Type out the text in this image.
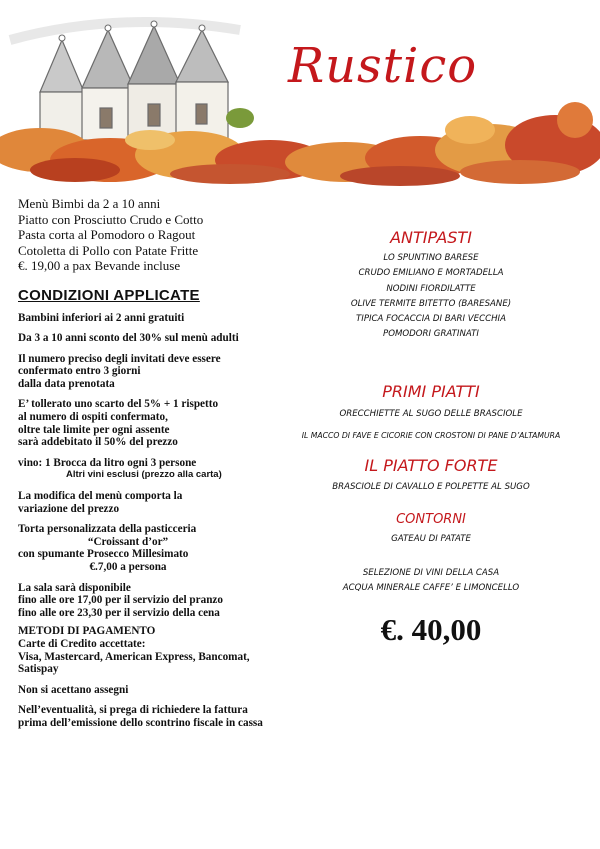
Rustico
Menù Bimbi da 2 a 10 anni
Piatto con Prosciutto Crudo e Cotto
Pasta corta al Pomodoro o Ragout
Cotoletta di Pollo con Patate Fritte
€. 19,00 a pax Bevande incluse
CONDIZIONI APPLICATE
Bambini inferiori ai 2 anni gratuiti
Da 3 a 10 anni sconto del 30% sul menù adulti
Il numero preciso degli invitati deve essere
confermato entro 3 giorni
dalla data prenotata
E’ tollerato uno scarto del 5% + 1 rispetto
al numero di ospiti confermato,
oltre tale limite per ogni assente
sarà addebitato il 50% del prezzo
vino: 1 Brocca da litro ogni 3 persone
Altri vini esclusi (prezzo alla carta)
La modifica del menù comporta la
variazione del prezzo
Torta personalizzata della pasticceria
“Croissant d’or”
con spumante Prosecco Millesimato
€.7,00 a persona
La sala sarà disponibile
fino alle ore 17,00 per il servizio del pranzo
fino alle ore 23,30 per il servizio della cena
METODI DI PAGAMENTO
Carte di Credito accettate:
Visa, Mastercard, American Express, Bancomat,
Satispay
Non si acettano assegni
Nell’eventualità, si prega di richiedere la fattura
prima dell’emissione dello scontrino fiscale in cassa
ANTIPASTI
LO SPUNTINO BARESE
CRUDO EMILIANO E MORTADELLA
NODINI FIORDILATTE
OLIVE TERMITE BITETTO (BARESANE)
TIPICA FOCACCIA DI BARI VECCHIA
POMODORI GRATINATI
PRIMI PIATTI
ORECCHIETTE AL SUGO DELLE BRASCIOLE
IL MACCO DI FAVE E CICORIE CON CROSTONI DI PANE D’ALTAMURA
IL PIATTO FORTE
BRASCIOLE DI CAVALLO E POLPETTE AL SUGO
CONTORNI
GATEAU DI PATATE
SELEZIONE DI VINI DELLA CASA
ACQUA MINERALE CAFFE’ E LIMONCELLO
€. 40,00
